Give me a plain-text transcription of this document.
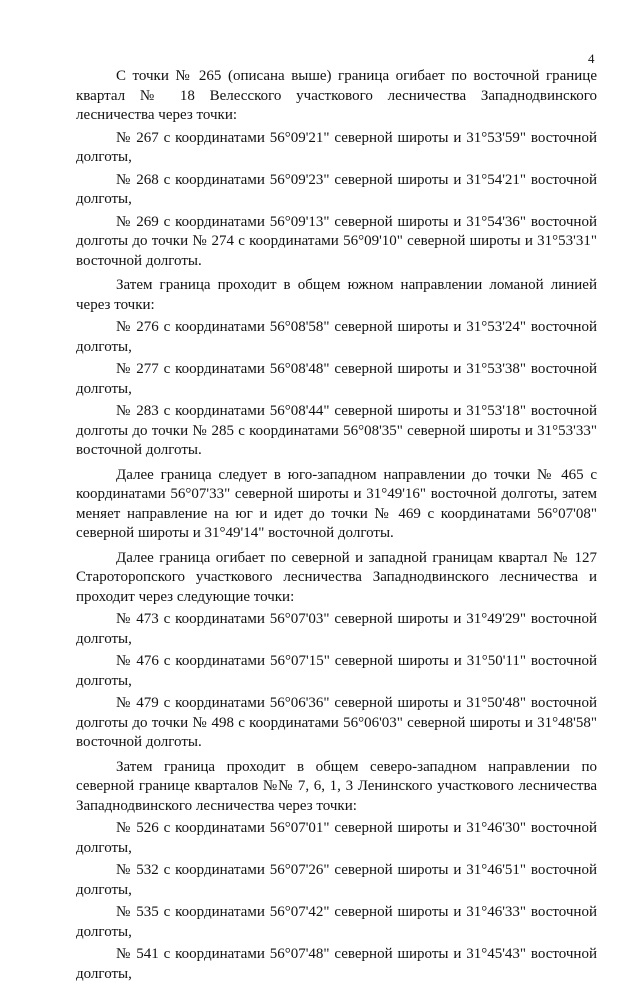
4

С точки № 265 (описана выше) граница огибает по восточной границе квартал № 18 Велесского участкового лесничества Западнодвинского лесничества через точки:

№ 267 с координатами 56°09'21" северной широты и 31°53'59" восточной долготы,

№ 268 с координатами 56°09'23" северной широты и 31°54'21" восточной долготы,

№ 269 с координатами 56°09'13" северной широты и 31°54'36" восточной долготы до точки № 274 с координатами 56°09'10" северной широты и 31°53'31" восточной долготы.

Затем граница проходит в общем южном направлении ломаной линией через точки:

№ 276 с координатами 56°08'58" северной широты и 31°53'24" восточной долготы,

№ 277 с координатами 56°08'48" северной широты и 31°53'38" восточной долготы,

№ 283 с координатами 56°08'44" северной широты и 31°53'18" восточной долготы до точки № 285 с координатами 56°08'35" северной широты и 31°53'33" восточной долготы.

Далее граница следует в юго-западном направлении до точки № 465 с координатами 56°07'33" северной широты и 31°49'16" восточной долготы, затем меняет направление на юг и идет до точки № 469 с координатами 56°07'08" северной широты и 31°49'14" восточной долготы.

Далее граница огибает по северной и западной границам квартал № 127 Старотoропского участкового лесничества Западнодвинского лесничества и проходит через следующие точки:

№ 473 с координатами 56°07'03" северной широты и 31°49'29" восточной долготы,

№ 476 с координатами 56°07'15" северной широты и 31°50'11" восточной долготы,

№ 479 с координатами 56°06'36" северной широты и 31°50'48" восточной долготы до точки № 498 с координатами 56°06'03" северной широты и 31°48'58" восточной долготы.

Затем граница проходит в общем северо-западном направлении по северной границе кварталов №№ 7, 6, 1, 3 Ленинского участкового лесничества Западнодвинского лесничества через точки:

№ 526 с координатами 56°07'01" северной широты и 31°46'30" восточной долготы,

№ 532 с координатами 56°07'26" северной широты и 31°46'51" восточной долготы,

№ 535 с координатами 56°07'42" северной широты и 31°46'33" восточной долготы,

№ 541 с координатами 56°07'48" северной широты и 31°45'43" восточной долготы,
